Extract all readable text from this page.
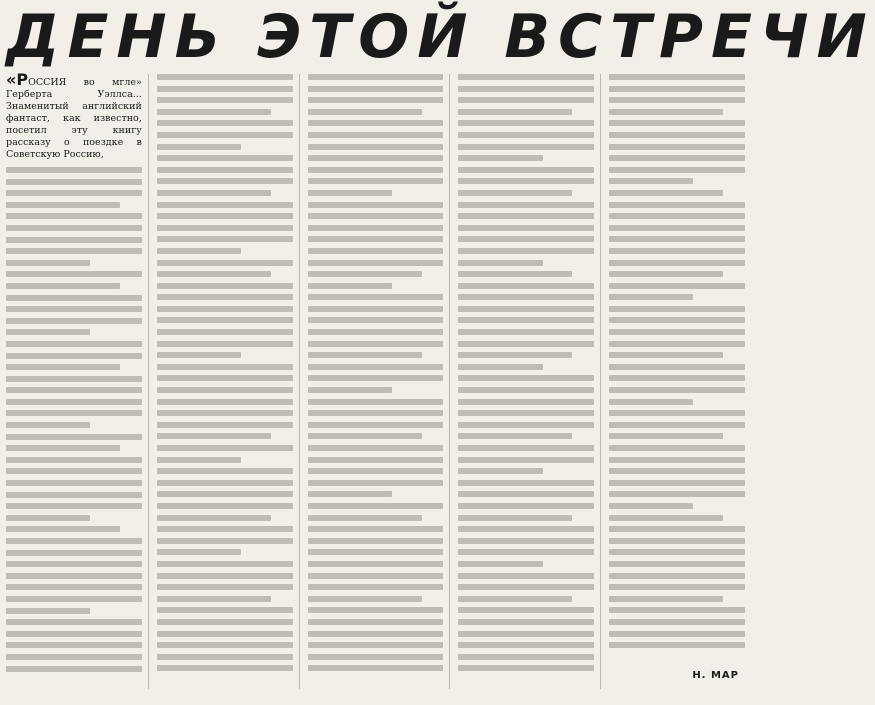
ДЕНЬ ЭТОЙ ВСТРЕЧИ

«РОССИЯ во мгле» Герберта Уэллса... Знаменитый английский фантаст, как известно, посетил эту книгу рассказу о поездке в Советскую Россию,

Н. МАР
